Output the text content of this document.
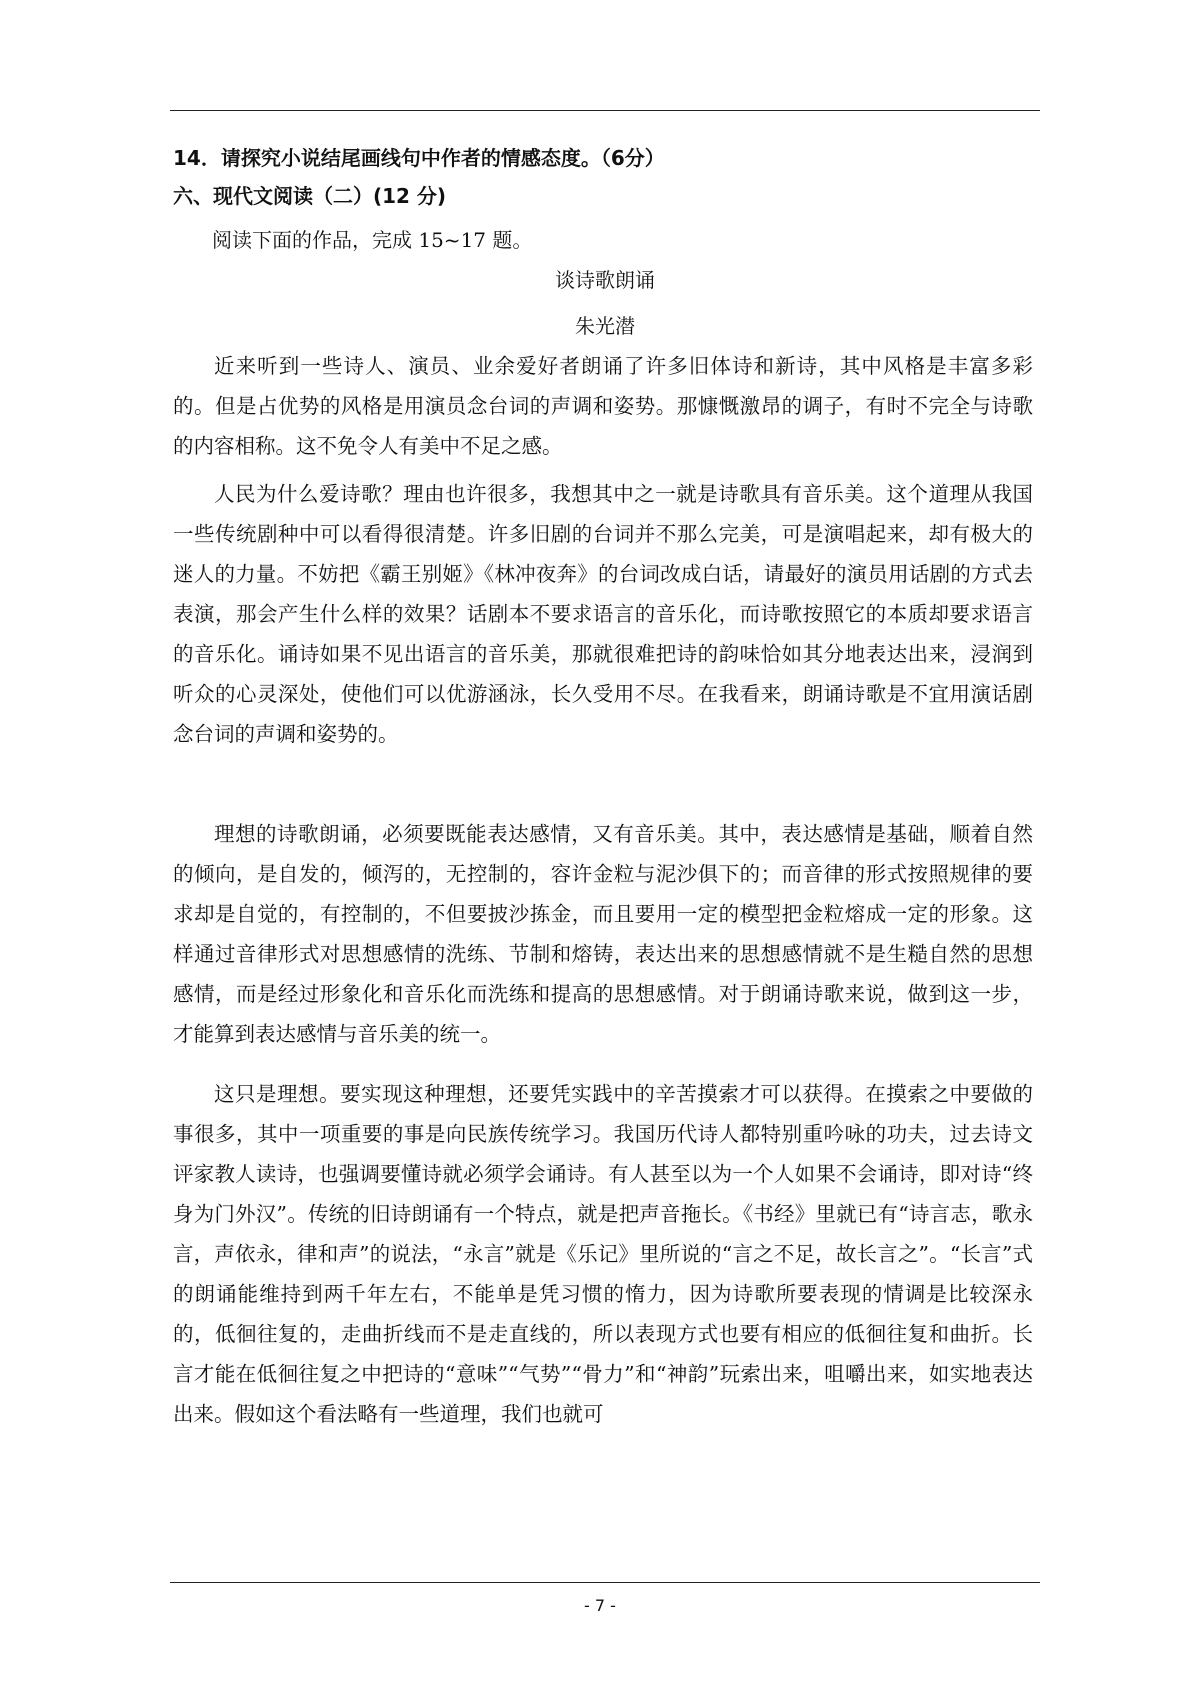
14．请探究小说结尾画线句中作者的情感态度。（6分）
六、现代文阅读（二）(12 分)
阅读下面的作品，完成 15~17 题。
谈诗歌朗诵
朱光潜
近来听到一些诗人、演员、业余爱好者朗诵了许多旧体诗和新诗，其中风格是丰富多彩的。但是占优势的风格是用演员念台词的声调和姿势。那慷慨激昂的调子，有时不完全与诗歌的内容相称。这不免令人有美中不足之感。
人民为什么爱诗歌？理由也许很多，我想其中之一就是诗歌具有音乐美。这个道理从我国一些传统剧种中可以看得很清楚。许多旧剧的台词并不那么完美，可是演唱起来，却有极大的迷人的力量。不妨把《霸王别姬》《林冲夜奔》的台词改成白话，请最好的演员用话剧的方式去表演，那会产生什么样的效果？话剧本不要求语言的音乐化，而诗歌按照它的本质却要求语言的音乐化。诵诗如果不见出语言的音乐美，那就很难把诗的韵味恰如其分地表达出来，浸润到听众的心灵深处，使他们可以优游涵泳，长久受用不尽。在我看来，朗诵诗歌是不宜用演话剧念台词的声调和姿势的。
理想的诗歌朗诵，必须要既能表达感情，又有音乐美。其中，表达感情是基础，顺着自然的倾向，是自发的，倾泻的，无控制的，容许金粒与泥沙俱下的；而音律的形式按照规律的要求却是自觉的，有控制的，不但要披沙拣金，而且要用一定的模型把金粒熔成一定的形象。这样通过音律形式对思想感情的洗练、节制和熔铸，表达出来的思想感情就不是生糙自然的思想感情，而是经过形象化和音乐化而洗练和提高的思想感情。对于朗诵诗歌来说，做到这一步，才能算到表达感情与音乐美的统一。
这只是理想。要实现这种理想，还要凭实践中的辛苦摸索才可以获得。在摸索之中要做的事很多，其中一项重要的事是向民族传统学习。我国历代诗人都特别重吟咏的功夫，过去诗文评家教人读诗，也强调要懂诗就必须学会诵诗。有人甚至以为一个人如果不会诵诗，即对诗“终身为门外汉”。传统的旧诗朗诵有一个特点，就是把声音拖长。《书经》里就已有“诗言志，歌永言，声依永，律和声”的说法，“永言”就是《乐记》里所说的“言之不足，故长言之”。“长言”式的朗诵能维持到两千年左右，不能单是凭习惯的惰力，因为诗歌所要表现的情调是比较深永的，低徊往复的，走曲折线而不是走直线的，所以表现方式也要有相应的低徊往复和曲折。长言才能在低徊往复之中把诗的“意味”“气势”“骨力”和“神韵”玩索出来，咀嚼出来，如实地表达出来。假如这个看法略有一些道理，我们也就可
- 7 -
